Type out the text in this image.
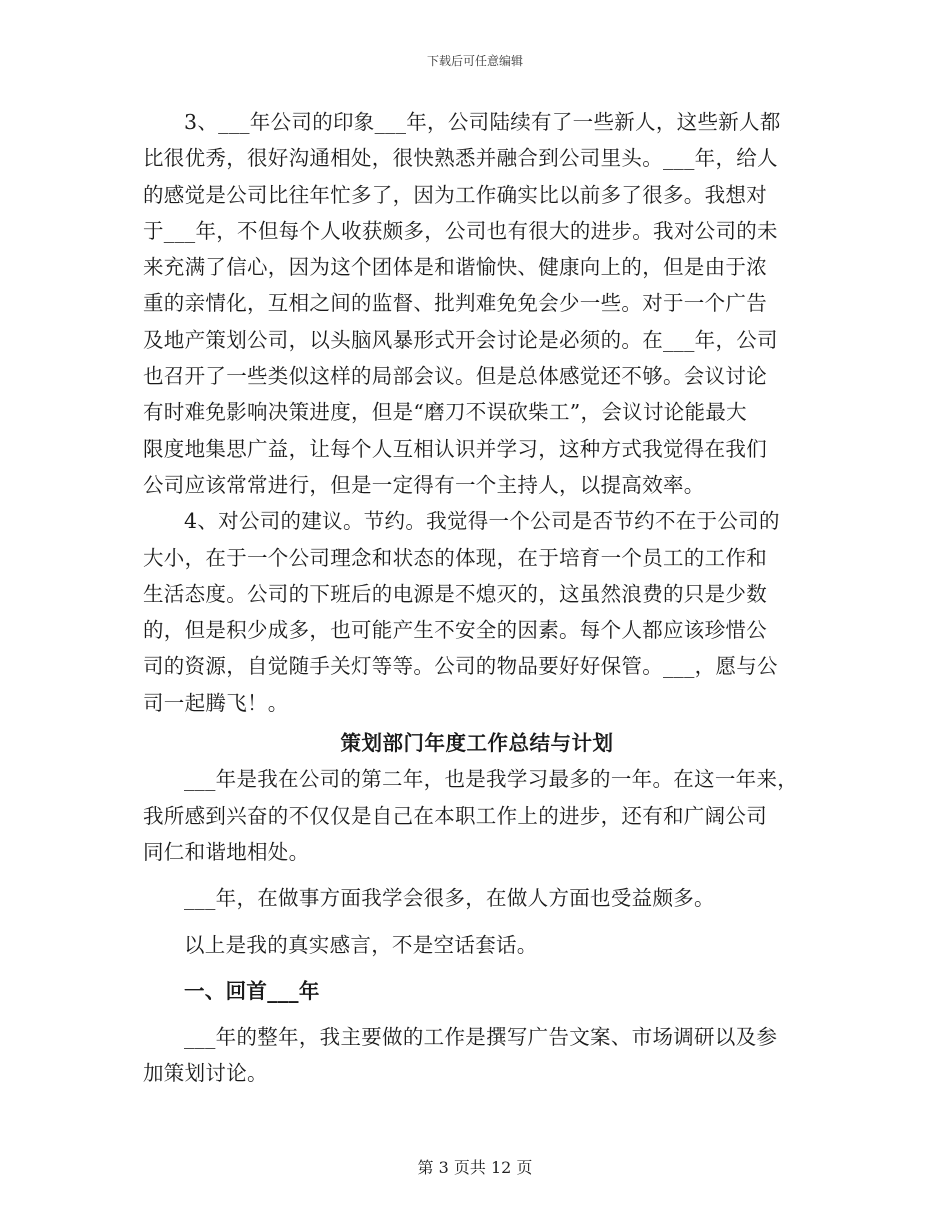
下载后可任意编辑

3、___年公司的印象___年，公司陆续有了一些新人，这些新人都
比很优秀，很好沟通相处，很快熟悉并融合到公司里头。___年，给人
的感觉是公司比往年忙多了，因为工作确实比以前多了很多。我想对
于___年，不但每个人收获颇多，公司也有很大的进步。我对公司的未
来充满了信心，因为这个团体是和谐愉快、健康向上的，但是由于浓
重的亲情化，互相之间的监督、批判难免免会少一些。对于一个广告
及地产策划公司，以头脑风暴形式开会讨论是必须的。在___年，公司
也召开了一些类似这样的局部会议。但是总体感觉还不够。会议讨论
有时难免影响决策进度，但是“磨刀不误砍柴工”，会议讨论能最大
限度地集思广益，让每个人互相认识并学习，这种方式我觉得在我们
公司应该常常进行，但是一定得有一个主持人，以提高效率。

4、对公司的建议。节约。我觉得一个公司是否节约不在于公司的
大小，在于一个公司理念和状态的体现，在于培育一个员工的工作和
生活态度。公司的下班后的电源是不熄灭的，这虽然浪费的只是少数
的，但是积少成多，也可能产生不安全的因素。每个人都应该珍惜公
司的资源，自觉随手关灯等等。公司的物品要好好保管。___，愿与公
司一起腾飞！。

策划部门年度工作总结与计划

___年是我在公司的第二年，也是我学习最多的一年。在这一年来，
我所感到兴奋的不仅仅是自己在本职工作上的进步，还有和广阔公司
同仁和谐地相处。

___年，在做事方面我学会很多，在做人方面也受益颇多。

以上是我的真实感言，不是空话套话。

一、回首___年

___年的整年，我主要做的工作是撰写广告文案、市场调研以及参
加策划讨论。

第 3 页共 12 页
